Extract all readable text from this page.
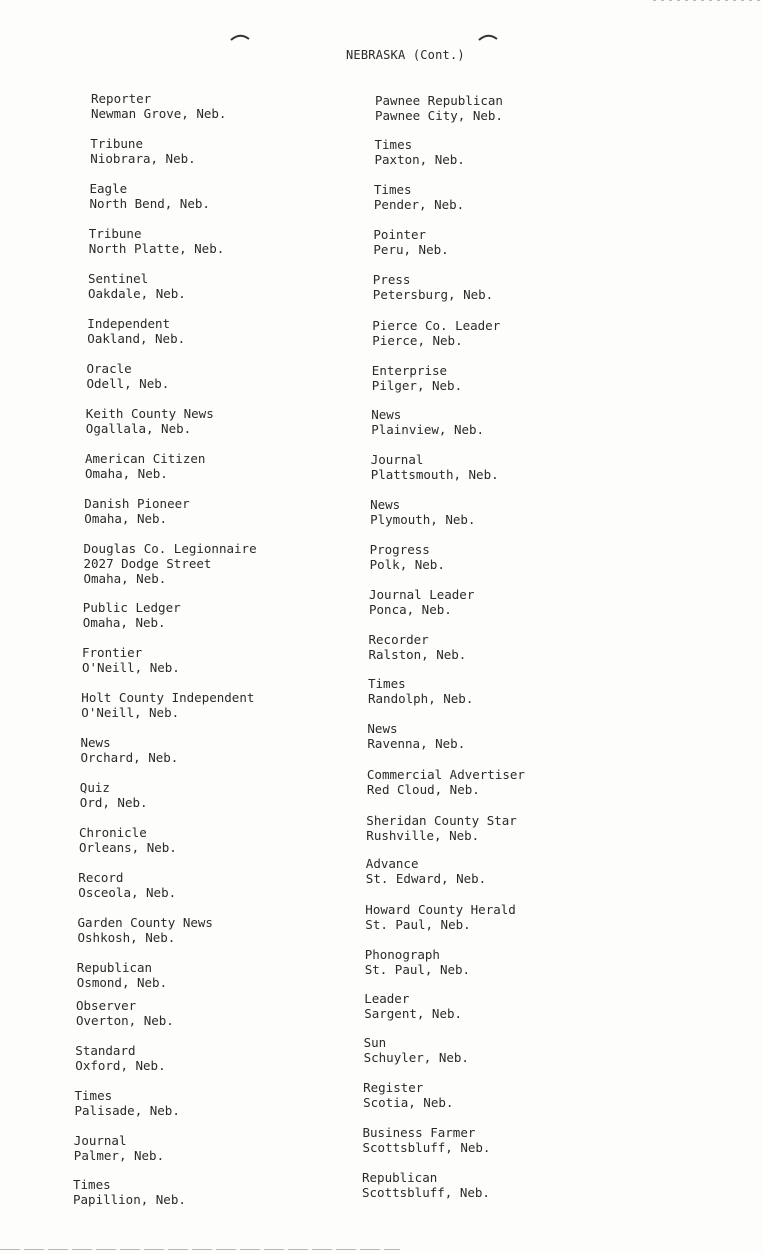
NEBRASKA (Cont.)
Reporter
Newman Grove, Neb.
Tribune
Niobrara, Neb.
Eagle
North Bend, Neb.
Tribune
North Platte, Neb.
Sentinel
Oakdale, Neb.
Independent
Oakland, Neb.
Oracle
Odell, Neb.
Keith County News
Ogallala, Neb.
American Citizen
Omaha, Neb.
Danish Pioneer
Omaha, Neb.
Douglas Co. Legionnaire
2027 Dodge Street
Omaha, Neb.
Public Ledger
Omaha, Neb.
Frontier
O'Neill, Neb.
Holt County Independent
O'Neill, Neb.
News
Orchard, Neb.
Quiz
Ord, Neb.
Chronicle
Orleans, Neb.
Record
Osceola, Neb.
Garden County News
Oshkosh, Neb.
Republican
Osmond, Neb.
Observer
Overton, Neb.
Standard
Oxford, Neb.
Times
Palisade, Neb.
Journal
Palmer, Neb.
Times
Papillion, Neb.
Pawnee Republican
Pawnee City, Neb.
Times
Paxton, Neb.
Times
Pender, Neb.
Pointer
Peru, Neb.
Press
Petersburg, Neb.
Pierce Co. Leader
Pierce, Neb.
Enterprise
Pilger, Neb.
News
Plainview, Neb.
Journal
Plattsmouth, Neb.
News
Plymouth, Neb.
Progress
Polk, Neb.
Journal Leader
Ponca, Neb.
Recorder
Ralston, Neb.
Times
Randolph, Neb.
News
Ravenna, Neb.
Commercial Advertiser
Red Cloud, Neb.
Sheridan County Star
Rushville, Neb.
Advance
St. Edward, Neb.
Howard County Herald
St. Paul, Neb.
Phonograph
St. Paul, Neb.
Leader
Sargent, Neb.
Sun
Schuyler, Neb.
Register
Scotia, Neb.
Business Farmer
Scottsbluff, Neb.
Republican
Scottsbluff, Neb.
